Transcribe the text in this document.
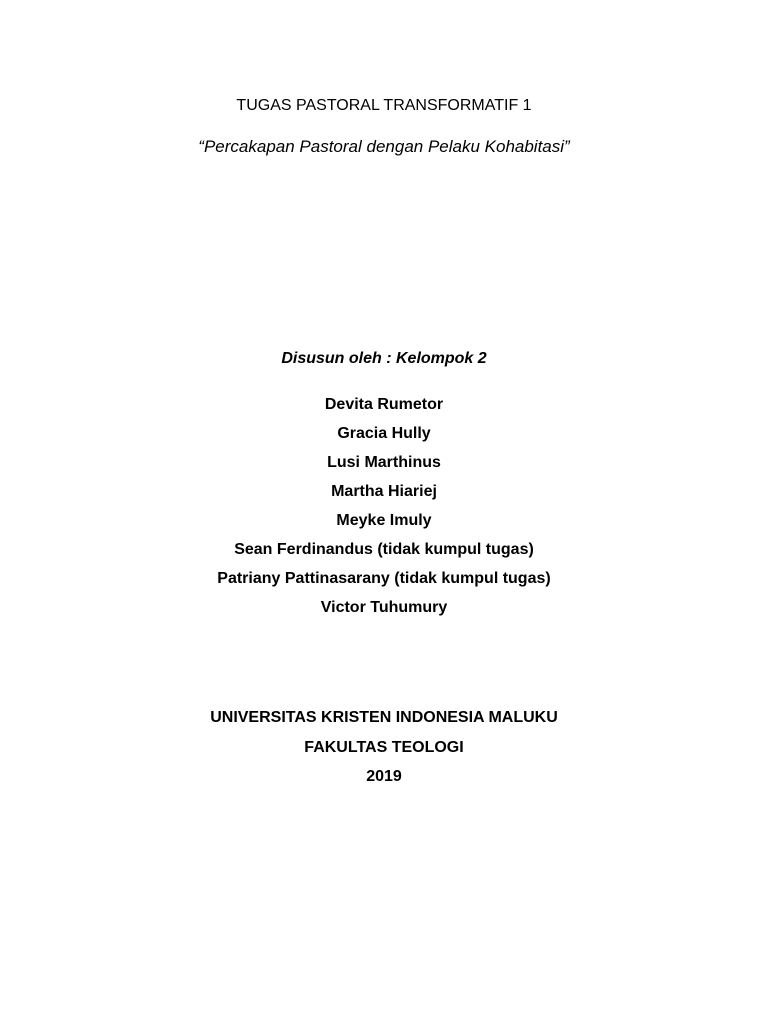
TUGAS PASTORAL TRANSFORMATIF 1
“Percakapan Pastoral dengan Pelaku Kohabitasi”
Disusun oleh : Kelompok 2
Devita Rumetor
Gracia Hully
Lusi Marthinus
Martha Hiariej
Meyke Imuly
Sean Ferdinandus (tidak kumpul tugas)
Patriany Pattinasarany (tidak kumpul tugas)
Victor Tuhumury
UNIVERSITAS KRISTEN INDONESIA MALUKU
FAKULTAS TEOLOGI
2019
